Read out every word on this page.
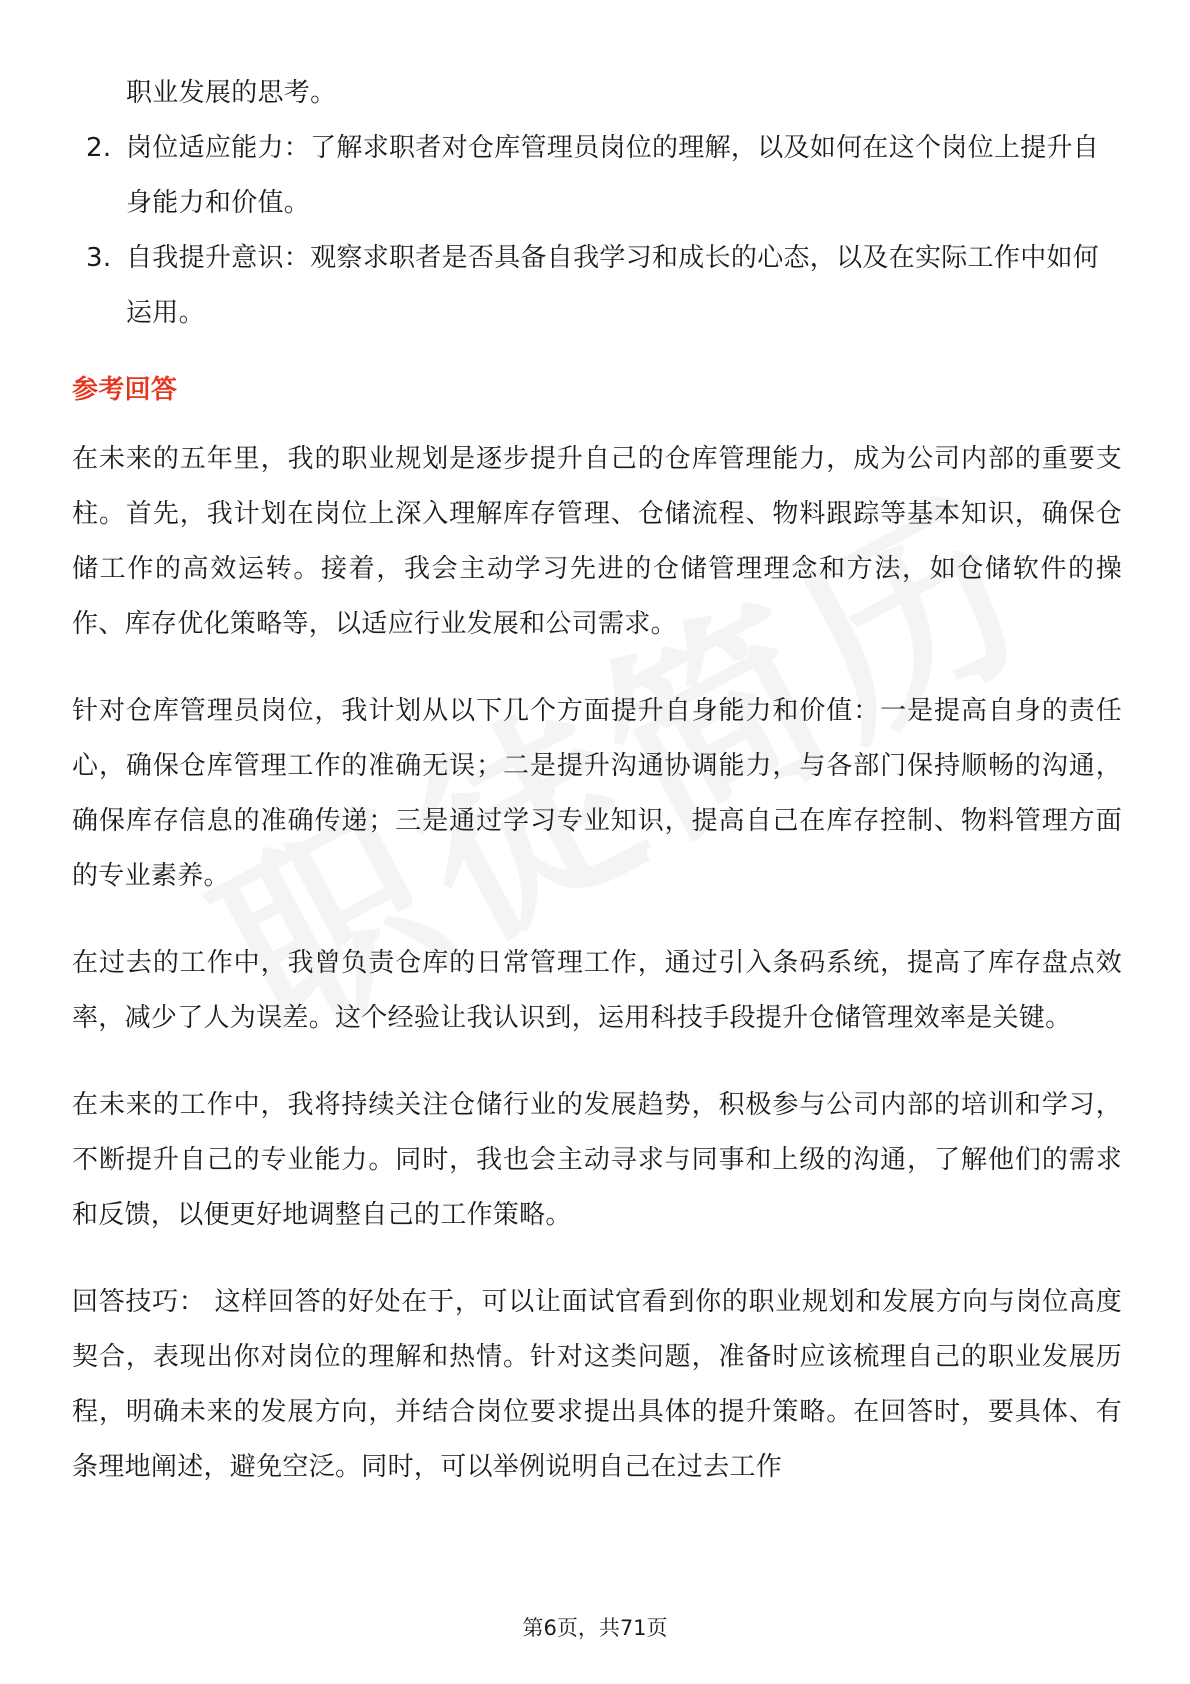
职业发展的思考。
2. 岗位适应能力：了解求职者对仓库管理员岗位的理解，以及如何在这个岗位上提升自身能力和价值。
3. 自我提升意识：观察求职者是否具备自我学习和成长的心态，以及在实际工作中如何运用。
参考回答

在未来的五年里，我的职业规划是逐步提升自己的仓库管理能力，成为公司内部的重要支柱。首先，我计划在岗位上深入理解库存管理、仓储流程、物料跟踪等基本知识，确保仓储工作的高效运转。接着，我会主动学习先进的仓储管理理念和方法，如仓储软件的操作、库存优化策略等，以适应行业发展和公司需求。

针对仓库管理员岗位，我计划从以下几个方面提升自身能力和价值：一是提高自身的责任心，确保仓库管理工作的准确无误；二是提升沟通协调能力，与各部门保持顺畅的沟通，确保库存信息的准确传递；三是通过学习专业知识，提高自己在库存控制、物料管理方面的专业素养。

在过去的工作中，我曾负责仓库的日常管理工作，通过引入条码系统，提高了库存盘点效率，减少了人为误差。这个经验让我认识到，运用科技手段提升仓储管理效率是关键。

在未来的工作中，我将持续关注仓储行业的发展趋势，积极参与公司内部的培训和学习，不断提升自己的专业能力。同时，我也会主动寻求与同事和上级的沟通，了解他们的需求和反馈，以便更好地调整自己的工作策略。

回答技巧： 这样回答的好处在于，可以让面试官看到你的职业规划和发展方向与岗位高度契合，表现出你对岗位的理解和热情。针对这类问题，准备时应该梳理自己的职业发展历程，明确未来的发展方向，并结合岗位要求提出具体的提升策略。在回答时，要具体、有条理地阐述，避免空泛。同时，可以举例说明自己在过去工作

第6页，共71页
